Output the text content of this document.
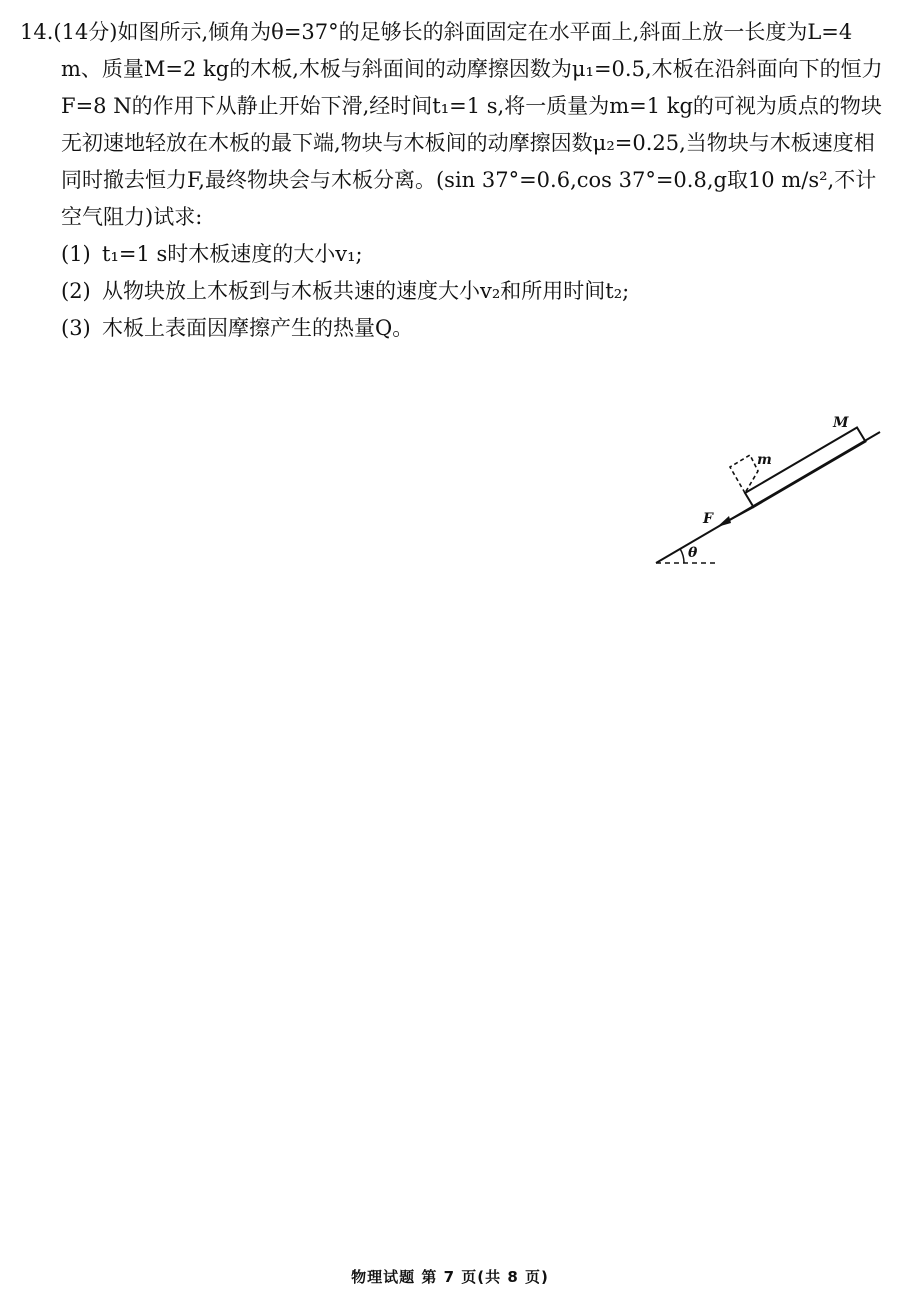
14.(14分)如图所示,倾角为θ=37°的足够长的斜面固定在水平面上,斜面上放一长度为L=4 m、质量M=2 kg的木板,木板与斜面间的动摩擦因数为μ₁=0.5,木板在沿斜面向下的恒力F=8 N的作用下从静止开始下滑,经时间t₁=1 s,将一质量为m=1 kg的可视为质点的物块无初速地轻放在木板的最下端,物块与木板间的动摩擦因数μ₂=0.25,当物块与木板速度相同时撤去恒力F,最终物块会与木板分离。(sin 37°=0.6,cos 37°=0.8,g取10 m/s²,不计空气阻力)试求:

(1) t₁=1 s时木板速度的大小v₁;

(2) 从物块放上木板到与木板共速的速度大小v₂和所用时间t₂;

(3) 木板上表面因摩擦产生的热量Q。

M
m
F
θ
物理试题 第 7 页(共 8 页)
